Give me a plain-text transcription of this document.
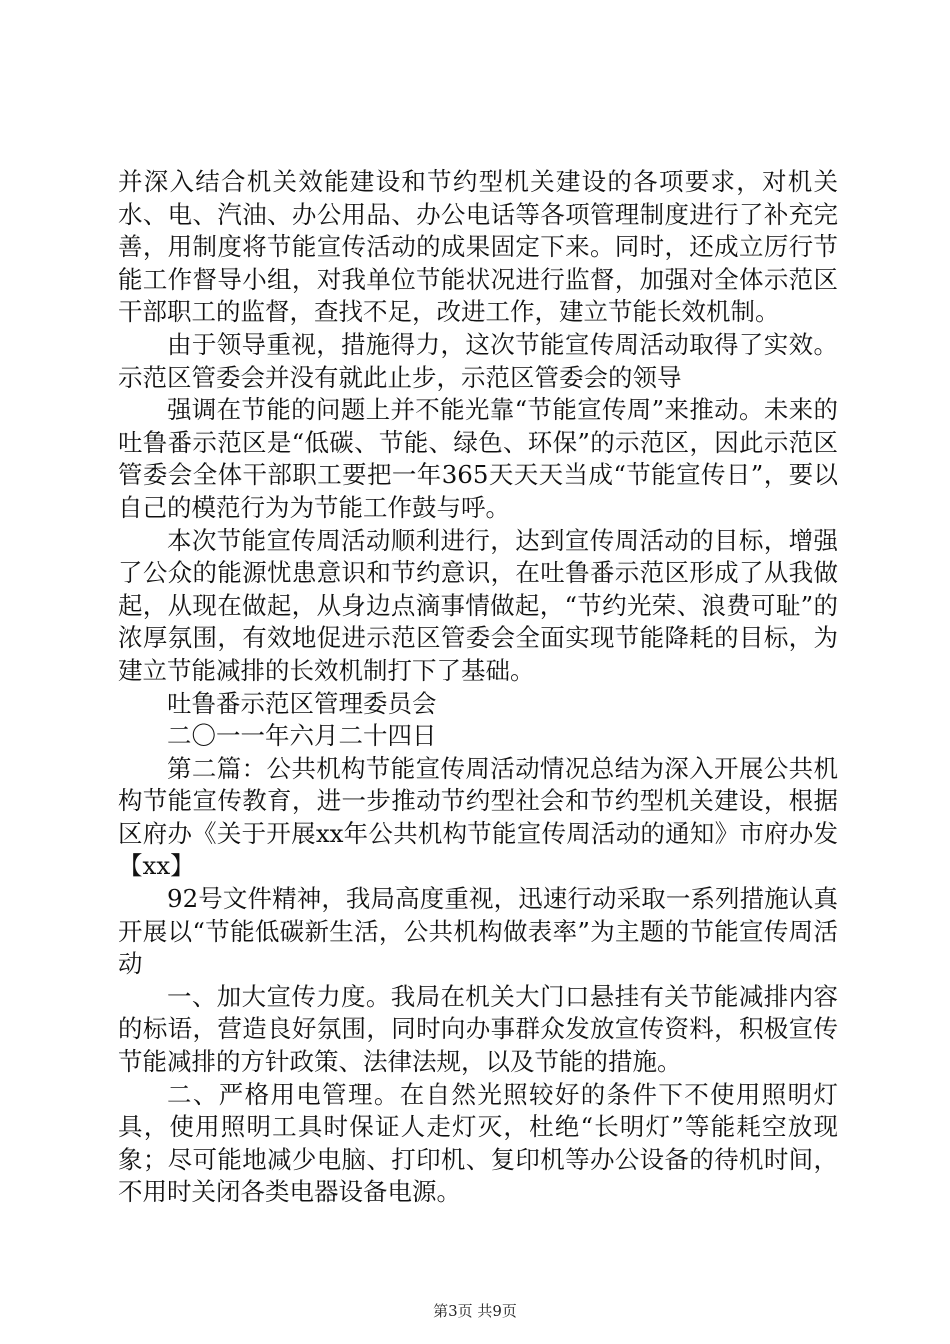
并深入结合机关效能建设和节约型机关建设的各项要求，对机关水、电、汽油、办公用品、办公电话等各项管理制度进行了补充完善，用制度将节能宣传活动的成果固定下来。同时，还成立厉行节能工作督导小组，对我单位节能状况进行监督，加强对全体示范区干部职工的监督，查找不足，改进工作，建立节能长效机制。

由于领导重视，措施得力，这次节能宣传周活动取得了实效。示范区管委会并没有就此止步，示范区管委会的领导

强调在节能的问题上并不能光靠“节能宣传周”来推动。未来的吐鲁番示范区是“低碳、节能、绿色、环保”的示范区，因此示范区管委会全体干部职工要把一年365天天天当成“节能宣传日”，要以自己的模范行为为节能工作鼓与呼。

本次节能宣传周活动顺利进行，达到宣传周活动的目标，增强了公众的能源忧患意识和节约意识，在吐鲁番示范区形成了从我做起，从现在做起，从身边点滴事情做起，“节约光荣、浪费可耻”的浓厚氛围，有效地促进示范区管委会全面实现节能降耗的目标，为建立节能减排的长效机制打下了基础。

吐鲁番示范区管理委员会

二〇一一年六月二十四日

第二篇：公共机构节能宣传周活动情况总结为深入开展公共机构节能宣传教育，进一步推动节约型社会和节约型机关建设，根据区府办《关于开展xx年公共机构节能宣传周活动的通知》市府办发【xx】

92号文件精神，我局高度重视，迅速行动采取一系列措施认真开展以“节能低碳新生活，公共机构做表率”为主题的节能宣传周活动

一、加大宣传力度。我局在机关大门口悬挂有关节能减排内容的标语，营造良好氛围，同时向办事群众发放宣传资料，积极宣传节能减排的方针政策、法律法规，以及节能的措施。

二、严格用电管理。在自然光照较好的条件下不使用照明灯具，使用照明工具时保证人走灯灭，杜绝“长明灯”等能耗空放现象；尽可能地减少电脑、打印机、复印机等办公设备的待机时间，不用时关闭各类电器设备电源。

第3页 共9页
